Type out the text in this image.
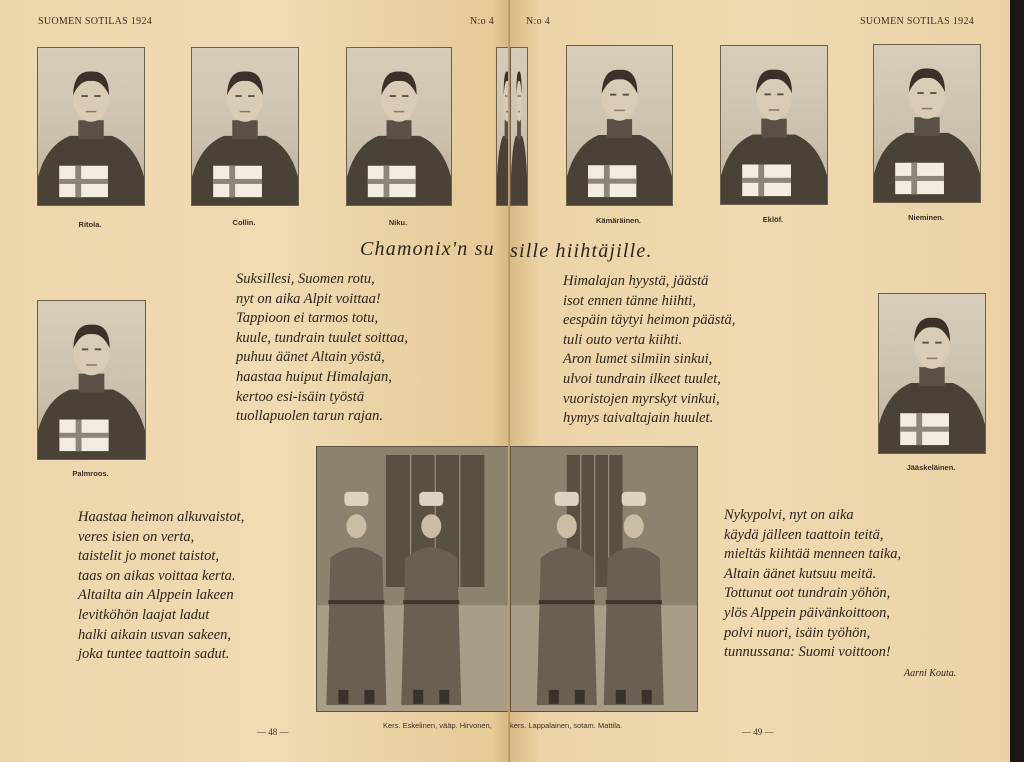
SUOMEN SOTILAS 1924	N:o 4
Ritola.	Collin.	Niku.
Palmroos.
Chamonix'n su
Suksillesi, Suomen rotu,
nyt on aika Alpit voittaa!
Tappioon ei tarmos totu,
kuule, tundrain tuulet soittaa,
puhuu äänet Altain yöstä,
haastaa huiput Himalajan,
kertoo esi-isäin työstä
tuollapuolen tarun rajan.
Haastaa heimon alkuvaistot,
veres isien on verta,
taistelit jo monet taistot,
taas on aikas voittaa kerta.
Altailta ain Alppein lakeen
levitköhön laajat ladut
halki aikain usvan sakeen,
joka tuntee taattoin sadut.
Kers. Eskelinen, vääp. Hirvonen,
— 48 —
N:o 4	SUOMEN SOTILAS 1924
Kämäräinen.	Eklöf.	Nieminen.
sille hiihtäjille.
Himalajan hyystä, jäästä
isot ennen tänne hiihti,
eespäin täytyi heimon päästä,
tuli outo verta kiihti.
Aron lumet silmiin sinkui,
ulvoi tundrain ilkeet tuulet,
vuoristojen myrskyt vinkui,
hymys taivaltajain huulet.
Jääskeläinen.
kers. Lappalainen, sotam. Mattila.
Nykypolvi, nyt on aika
käydä jälleen taattoin teitä,
mieltäs kiihtää menneen taika,
Altain äänet kutsuu meitä.
Tottunut oot tundrain yöhön,
ylös Alppein päivänkoittoon,
polvi nuori, isäin työhön,
tunnussana: Suomi voittoon!
Aarni Kouta.
— 49 —
